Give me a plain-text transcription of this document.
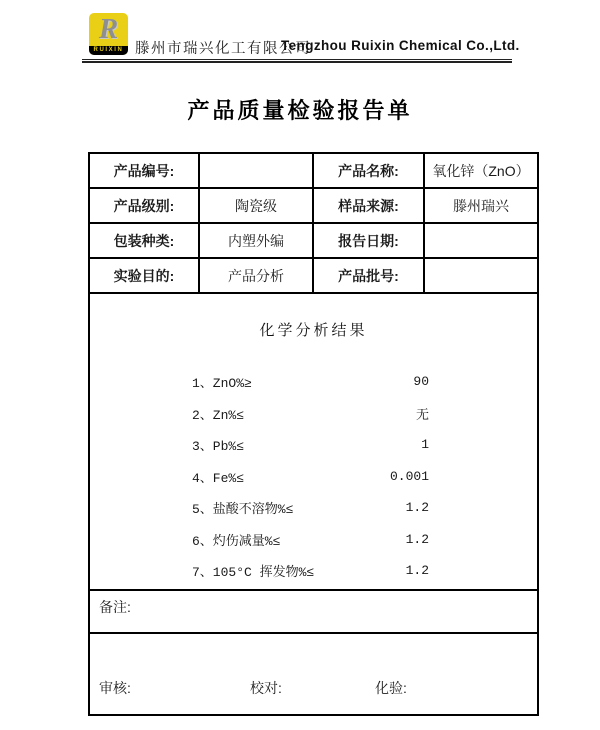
R
RUIXIN 滕州市瑞兴化工有限公司
Tengzhou Ruixin Chemical Co.,Ltd.
产品质量检验报告单
产品编号:		产品名称:	氧化锌（ZnO）
产品级别:	陶瓷级	样品来源:	滕州瑞兴
包装种类:	内塑外编	报告日期:	
实验目的:	产品分析	产品批号:	

化学分析结果
1、ZnO%≥	90
2、Zn%≤	无
3、Pb%≤	1
4、Fe%≤	0.001
5、盐酸不溶物%≤	1.2
6、灼伤减量%≤	1.2
7、105°C 挥发物%≤	1.2

备注:			

审核: 校对: 化验:			
